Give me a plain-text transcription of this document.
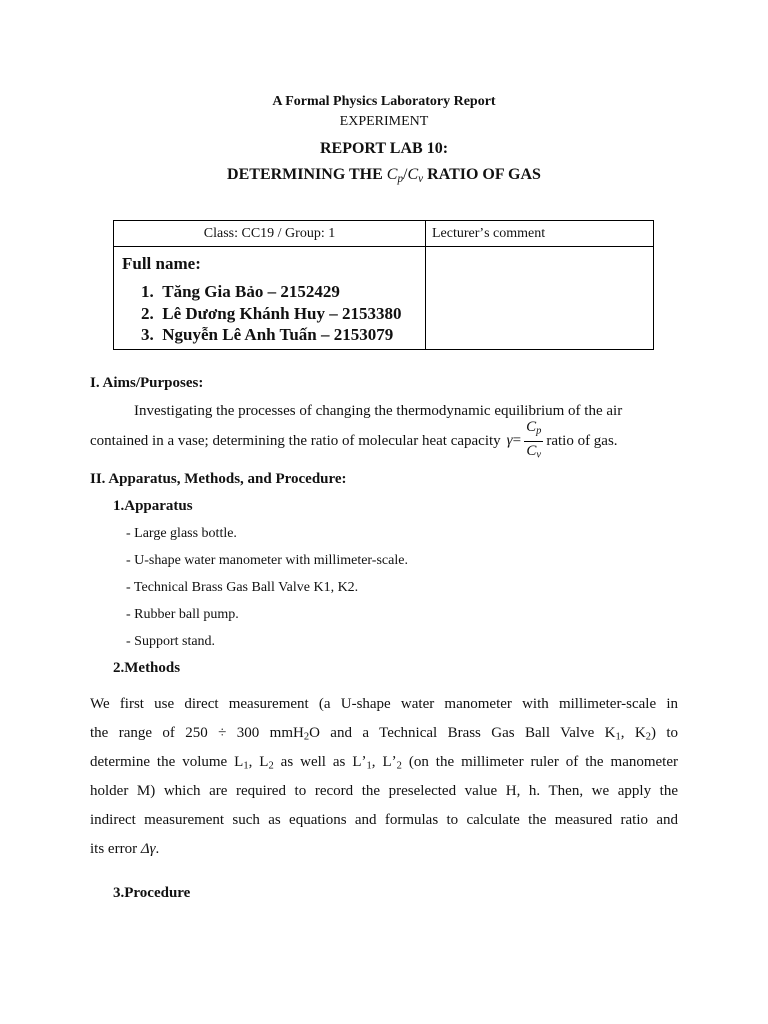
A Formal Physics Laboratory Report
EXPERIMENT
REPORT LAB 10:
DETERMINING THE $C_p/C_v$ RATIO OF GAS
Class: CC19 / Group: 1	Lecturerʼs comment
Full name:
1.  Tăng Gia Bảo – 2152429
2.  Lê Dương Khánh Huy – 2153380
3.  Nguyễn Lê Anh Tuấn – 2153079
I. Aims/Purposes:
Investigating the processes of changing the thermodynamic equilibrium of the air
contained in a vase; determining the ratio of molecular heat capacity $\gamma= \frac{C_p}{C_v}$ ratio of gas.
II. Apparatus, Methods, and Procedure:
1.Apparatus
- Large glass bottle.
- U-shape water manometer with millimeter-scale.
- Technical Brass Gas Ball Valve K1, K2.
- Rubber ball pump.
- Support stand.
2.Methods
We first use direct measurement (a U-shape water manometer with millimeter-scale in
the range of 250 ÷ 300 mmH$_2$O and a Technical Brass Gas Ball Valve $K_1$, $K_2$) to
determine the volume $L_1$, $L_2$ as well as Lʼ$_1$, Lʼ$_2$ (on the millimeter ruler of the manometer
holder M) which are required to record the preselected value H, h. Then, we apply the
indirect measurement such as equations and formulas to calculate the measured ratio and
its error Δγ.
3.Procedure
